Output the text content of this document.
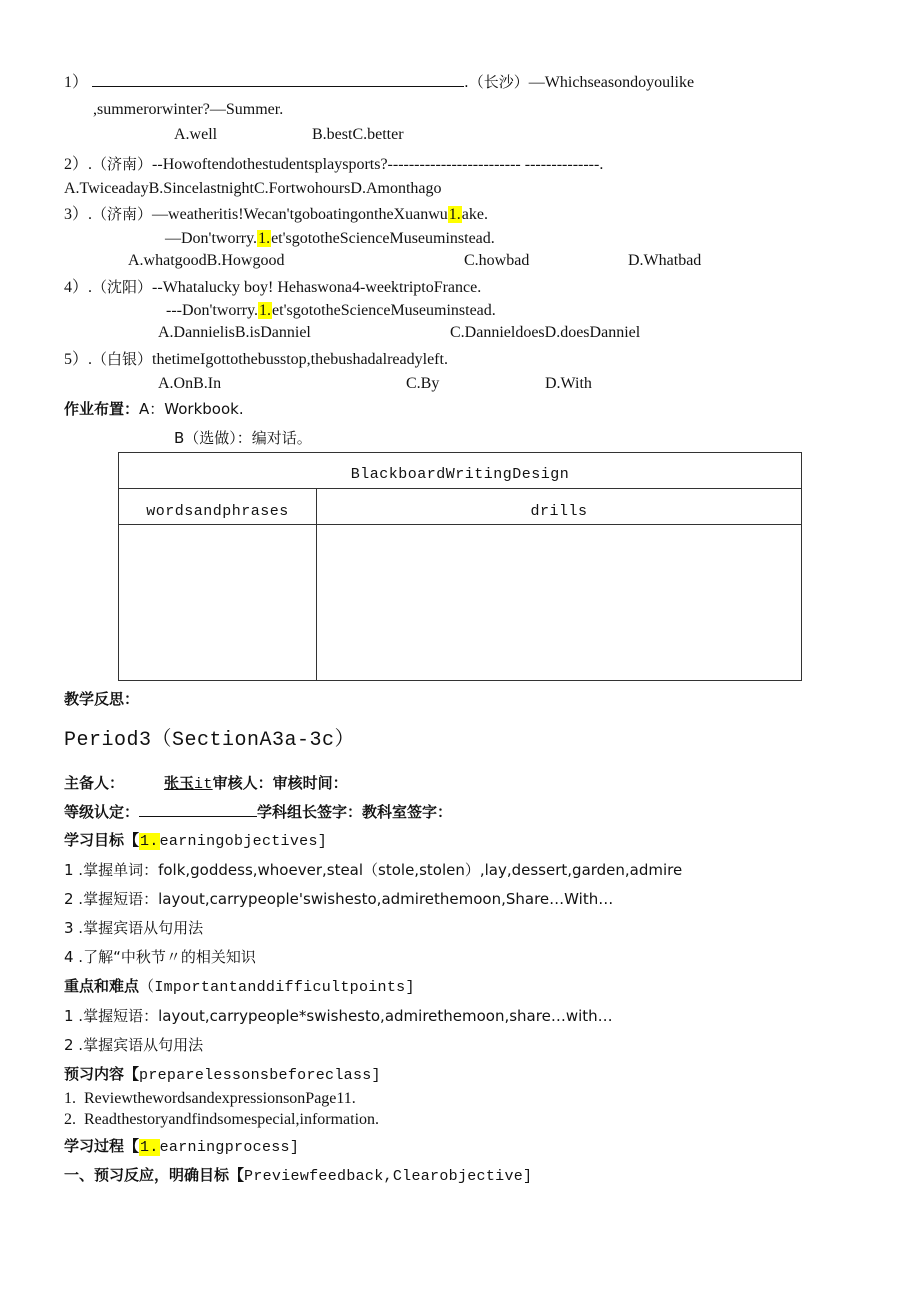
1）	.（长沙）—Whichseasondoyoulike
,summerorwinter?—Summer.
A.well	B.bestC.better
2）.（济南）--Howoftendothestudentsplaysports?------------------------- --------------.
A.TwiceadayB.SincelastnightC.FortwohoursD.Amonthago
3）.（济南）—weatheritis!Wecan'tgoboatingontheXuanwu1.ake.
—Don'tworry.1.et'sgototheScienceMuseuminstead.
A.whatgoodB.Howgood	C.howbad	D.Whatbad
4）.（沈阳）--Whatalucky boy! Hehaswona4-weektriptoFrance.
---Don'tworry.1.et'sgototheScienceMuseuminstead.
A.DannielisB.isDanniel	C.DannieldoesD.doesDanniel
5）.（白银）thetimeIgottothebusstop,thebushadalreadyleft.
A.OnB.In	C.By	D.With
作业布置：A：Workbook.
B（选做）：编对话。
BlackboardWritingDesign	
wordsandphrases	drills

教学反思：
Period3（SectionA3a-3c）
主备人：	张玉it审核人：审核时间：
等级认定：	学科组长签字：教科室签字：
学习目标【1.earningobjectives]
1 .掌握单词：folk,goddess,whoever,steal（stole,stolen）,lay,dessert,garden,admire
2 .掌握短语：layout,carrypeople'swishesto,admirethemoon,Share…With…
3 .掌握宾语从句用法
4 .了解“中秋节〃的相关知识
重点和难点（Importantanddifficultpoints]
1 .掌握短语：layout,carrypeople*swishesto,admirethemoon,share…with…
2 .掌握宾语从句用法
预习内容【preparelessonsbeforeclass]
1.  ReviewthewordsandexpressionsonPage11.
2.  Readthestoryandfindsomespecial,information.
学习过程【1.earningprocess]
一、预习反应，明确目标【Previewfeedback,Clearobjective]
